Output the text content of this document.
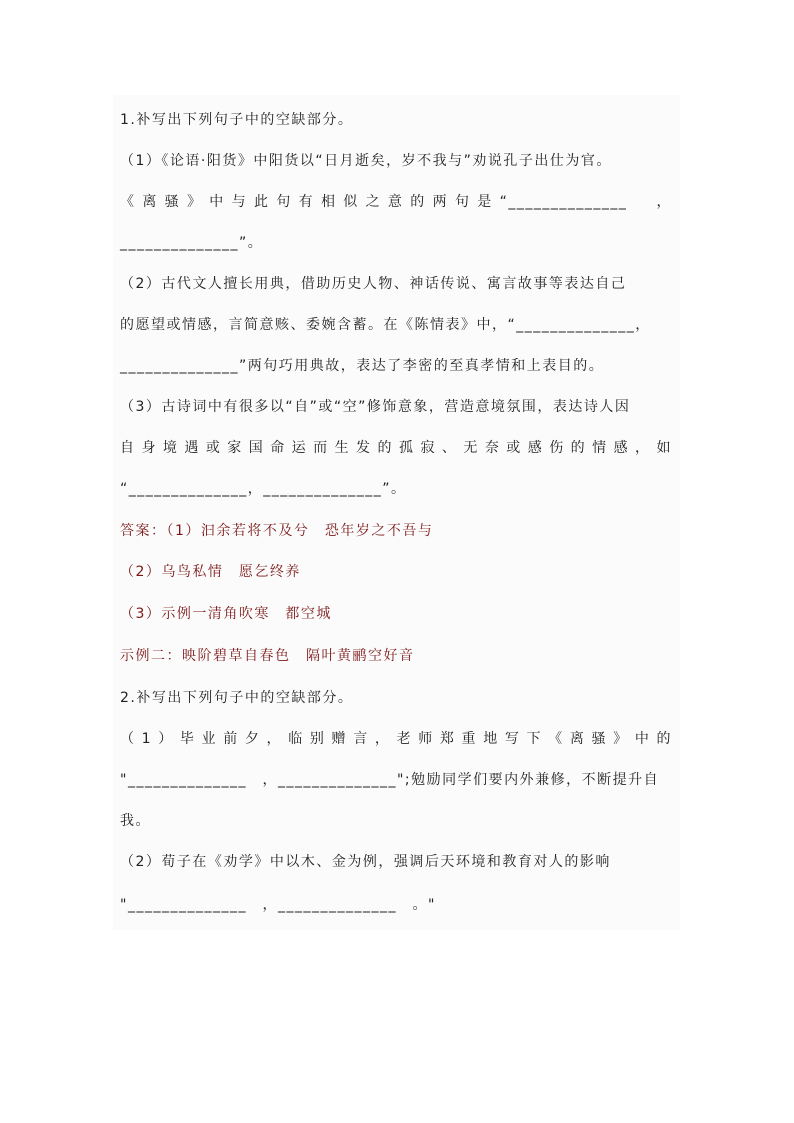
1.补写出下列句子中的空缺部分。
（1）《论语·阳货》中阳货以“日月逝矣，岁不我与”劝说孔子出仕为官。
《离骚》中与此句有相似之意的两句是“______________　，
______________”。
（2）古代文人擅长用典，借助历史人物、神话传说、寓言故事等表达自己
的愿望或情感，言简意赅、委婉含蓄。在《陈情表》中，“______________，
______________”两句巧用典故，表达了李密的至真孝情和上表目的。
（3）古诗词中有很多以“自”或“空”修饰意象，营造意境氛围，表达诗人因
自身境遇或家国命运而生发的孤寂、无奈或感伤的情感，如
“______________，______________”。
答案：（1）汩余若将不及兮　恐年岁之不吾与
（2）乌鸟私情　愿乞终养
（3）示例一清角吹寒　都空城
示例二：映阶碧草自春色　隔叶黄鹂空好音
2.补写出下列句子中的空缺部分。
（1）毕业前夕，临别赠言，老师郑重地写下《离骚》中的
"______________　，______________";勉励同学们要内外兼修，不断提升自
我。
（2）荀子在《劝学》中以木、金为例，强调后天环境和教育对人的影响
"______________　，______________　。"
